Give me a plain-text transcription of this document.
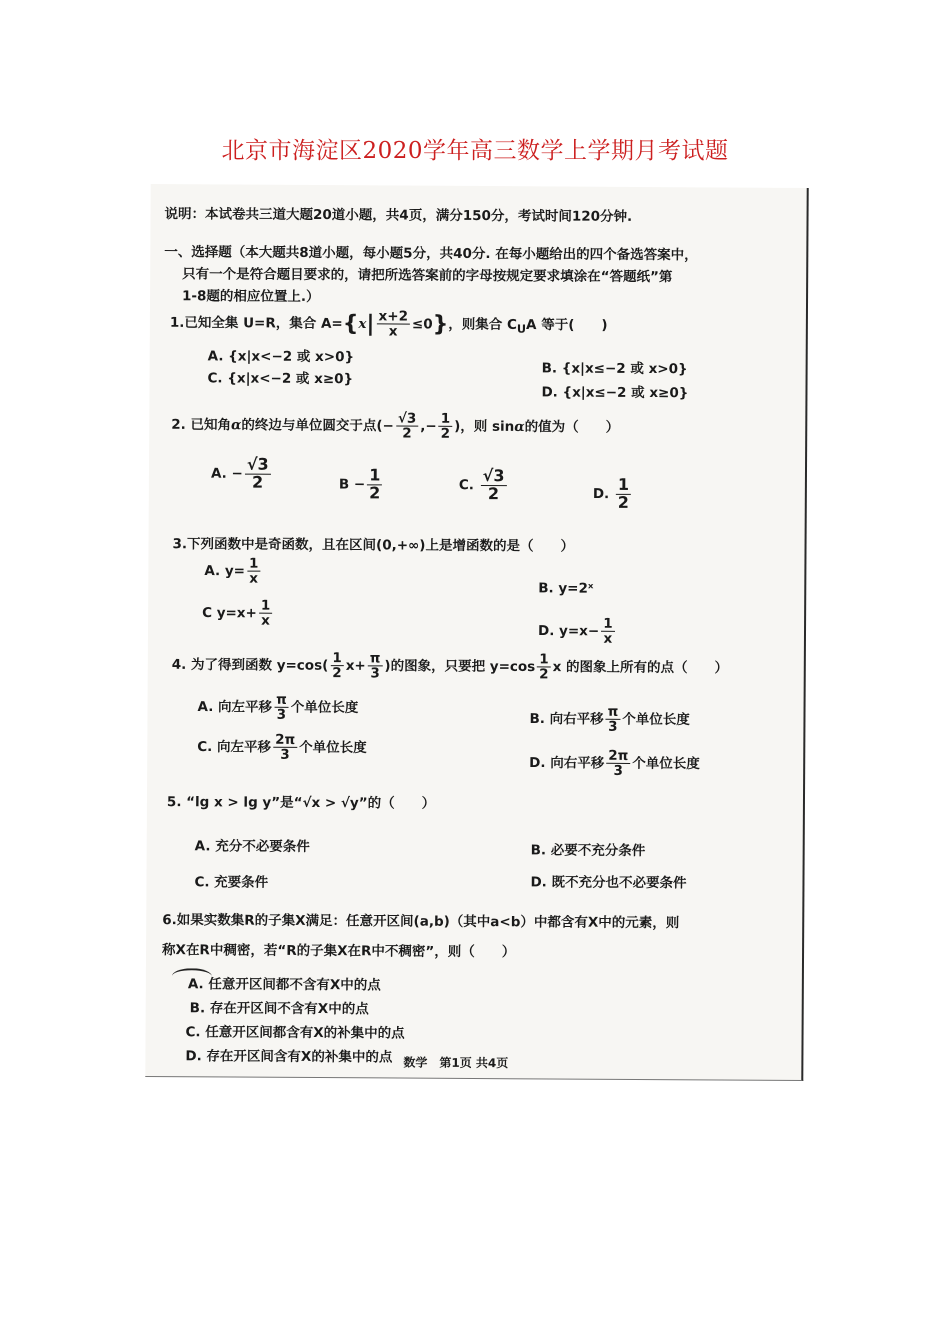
北京市海淀区2020学年高三数学上学期月考试题
说明：本试卷共三道大题20道小题，共4页，满分150分，考试时间120分钟.
一、选择题（本大题共8道小题，每小题5分，共40分. 在每小题给出的四个备选答案中，
只有一个是符合题目要求的，请把所选答案前的字母按规定要求填涂在“答题纸”第
1-8题的相应位置上.）
1.已知全集 U=R，集合 $A=\{x| \frac{x+2}{x} \le 0\}$，则集合 $C_UA$ 等于(　　)
A. {x|x<−2 或 x>0}
B. {x|x≤−2 或 x>0}
C. {x|x<−2 或 x≥0}
D. {x|x≤−2 或 x≥0}
2. 已知角α的终边与单位圆交于点(− $\frac{√3}{2}$ ,− $\frac{1}{2}$ )，则 sinα的值为（　　）
A. − $\frac{√3}{2}$	$B - \frac{1}{2}$	C. $\frac{√3}{2}$	D. $\frac{1}{2}$
3.下列函数中是奇函数，且在区间(0,+∞)上是增函数的是（　　）
A. $y= \frac{1}{x}$
B. y=2ˣ
C $y=x+ \frac{1}{x}$
D. $y=x- \frac{1}{x}$
4. 为了得到函数 $y=\cos( \frac{1}{2} x+ \frac{\pi}{3}$ )的图象，只要把 $y=\cos \frac{1}{2}$ x 的图象上所有的点（　　）
A. 向左平移 $\frac{\pi}{3}$ 个单位长度
B. 向右平移 $\frac{\pi}{3}$ 个单位长度
C. 向左平移 $\frac{2\pi}{3}$ 个单位长度
D. 向右平移 $\frac{2\pi}{3}$ 个单位长度
5. “lg x > lg y”是“√x > √y”的（　　）
A. 充分不必要条件	B. 必要不充分条件
C. 充要条件	D. 既不充分也不必要条件
6.如果实数集R的子集X满足：任意开区间(a,b)（其中a<b）中都含有X中的元素，则
称X在R中稠密，若“R的子集X在R中不稠密”，则（　　）
A. 任意开区间都不含有X中的点
B. 存在开区间不含有X中的点
C. 任意开区间都含有X的补集中的点
D. 存在开区间含有X的补集中的点 数学　第1页 共4页
